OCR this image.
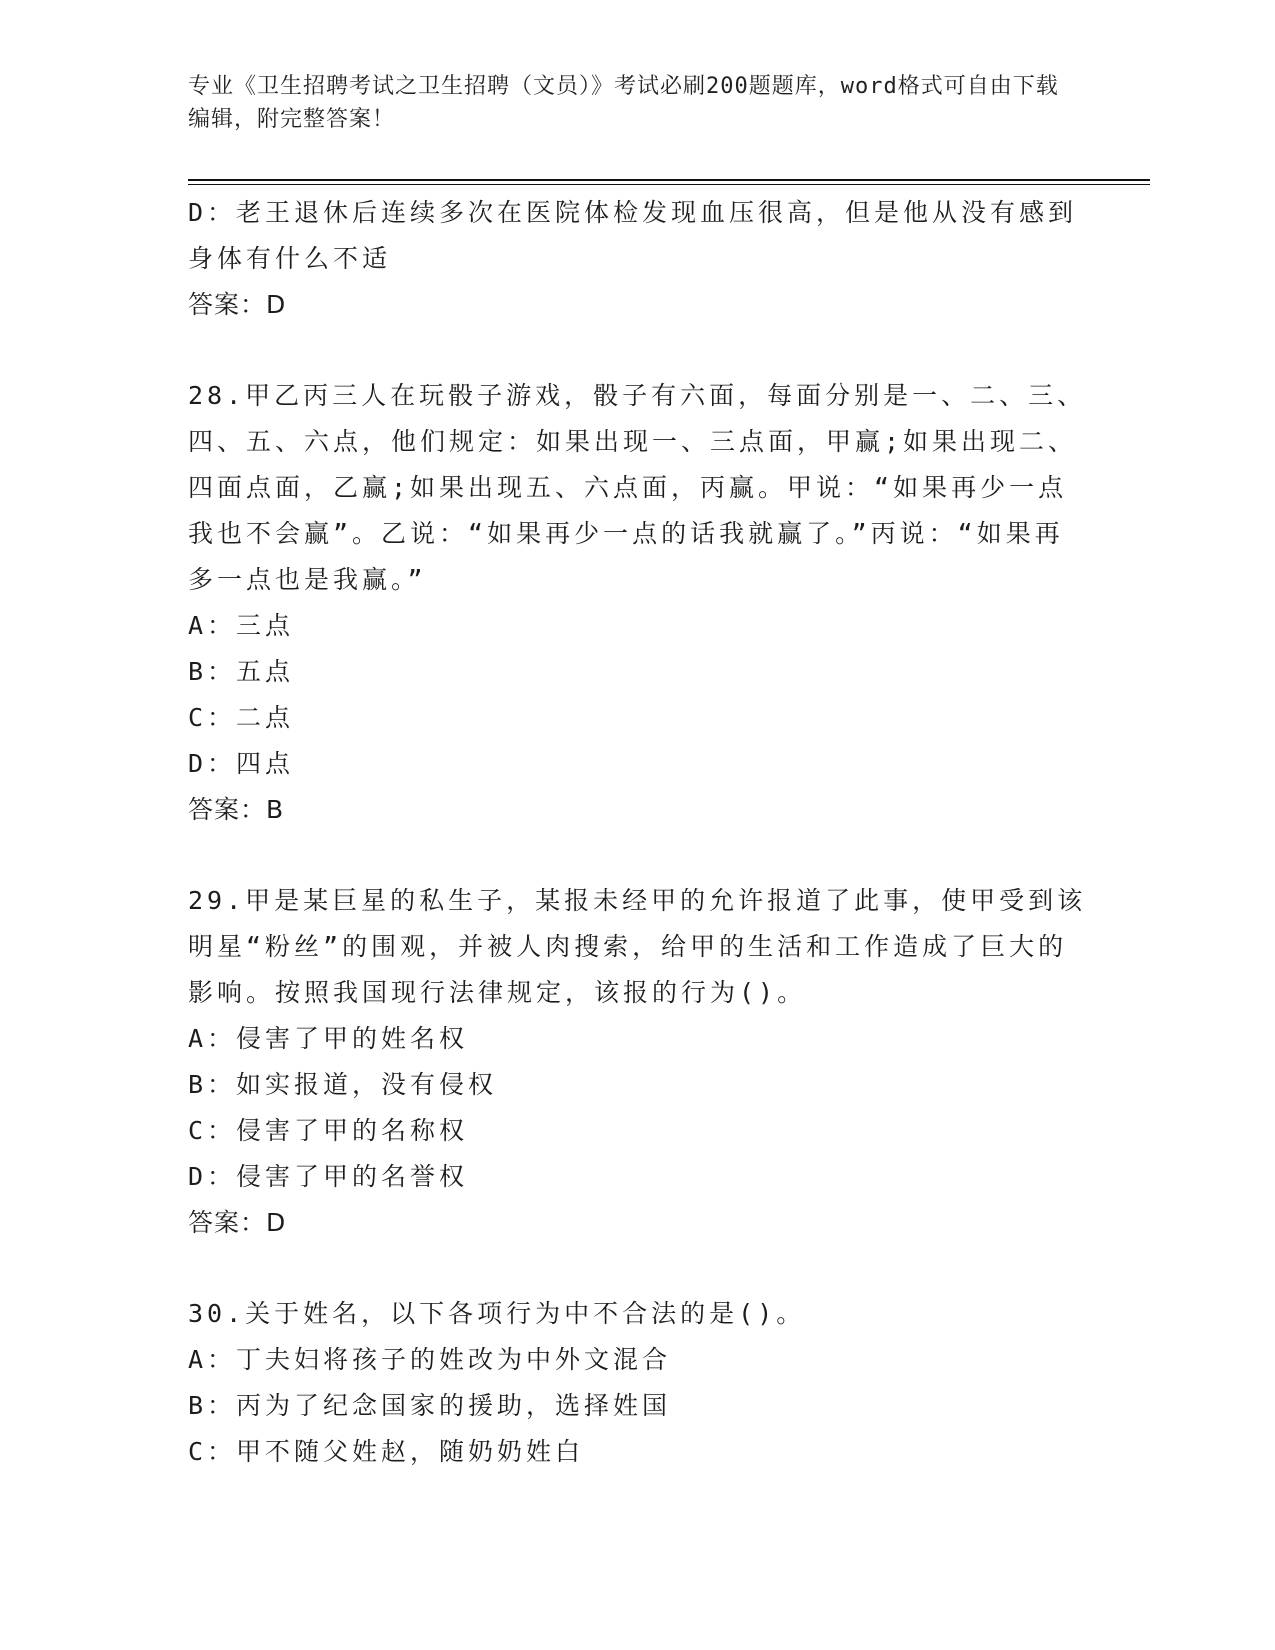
专业《卫生招聘考试之卫生招聘（文员）》考试必刷200题题库，word格式可自由下载编辑，附完整答案！

D：老王退休后连续多次在医院体检发现血压很高，但是他从没有感到身体有什么不适

答案：D

28.甲乙丙三人在玩骰子游戏，骰子有六面，每面分别是一、二、三、四、五、六点，他们规定：如果出现一、三点面，甲赢;如果出现二、四面点面，乙赢;如果出现五、六点面，丙赢。甲说：“如果再少一点我也不会赢”。乙说：“如果再少一点的话我就赢了。”丙说：“如果再多一点也是我赢。”

A：三点

B：五点

C：二点

D：四点

答案：B

29.甲是某巨星的私生子，某报未经甲的允许报道了此事，使甲受到该明星“粉丝”的围观，并被人肉搜索，给甲的生活和工作造成了巨大的影响。按照我国现行法律规定，该报的行为()。

A：侵害了甲的姓名权

B：如实报道，没有侵权

C：侵害了甲的名称权

D：侵害了甲的名誉权

答案：D

30.关于姓名，以下各项行为中不合法的是()。

A：丁夫妇将孩子的姓改为中外文混合

B：丙为了纪念国家的援助，选择姓国

C：甲不随父姓赵，随奶奶姓白
